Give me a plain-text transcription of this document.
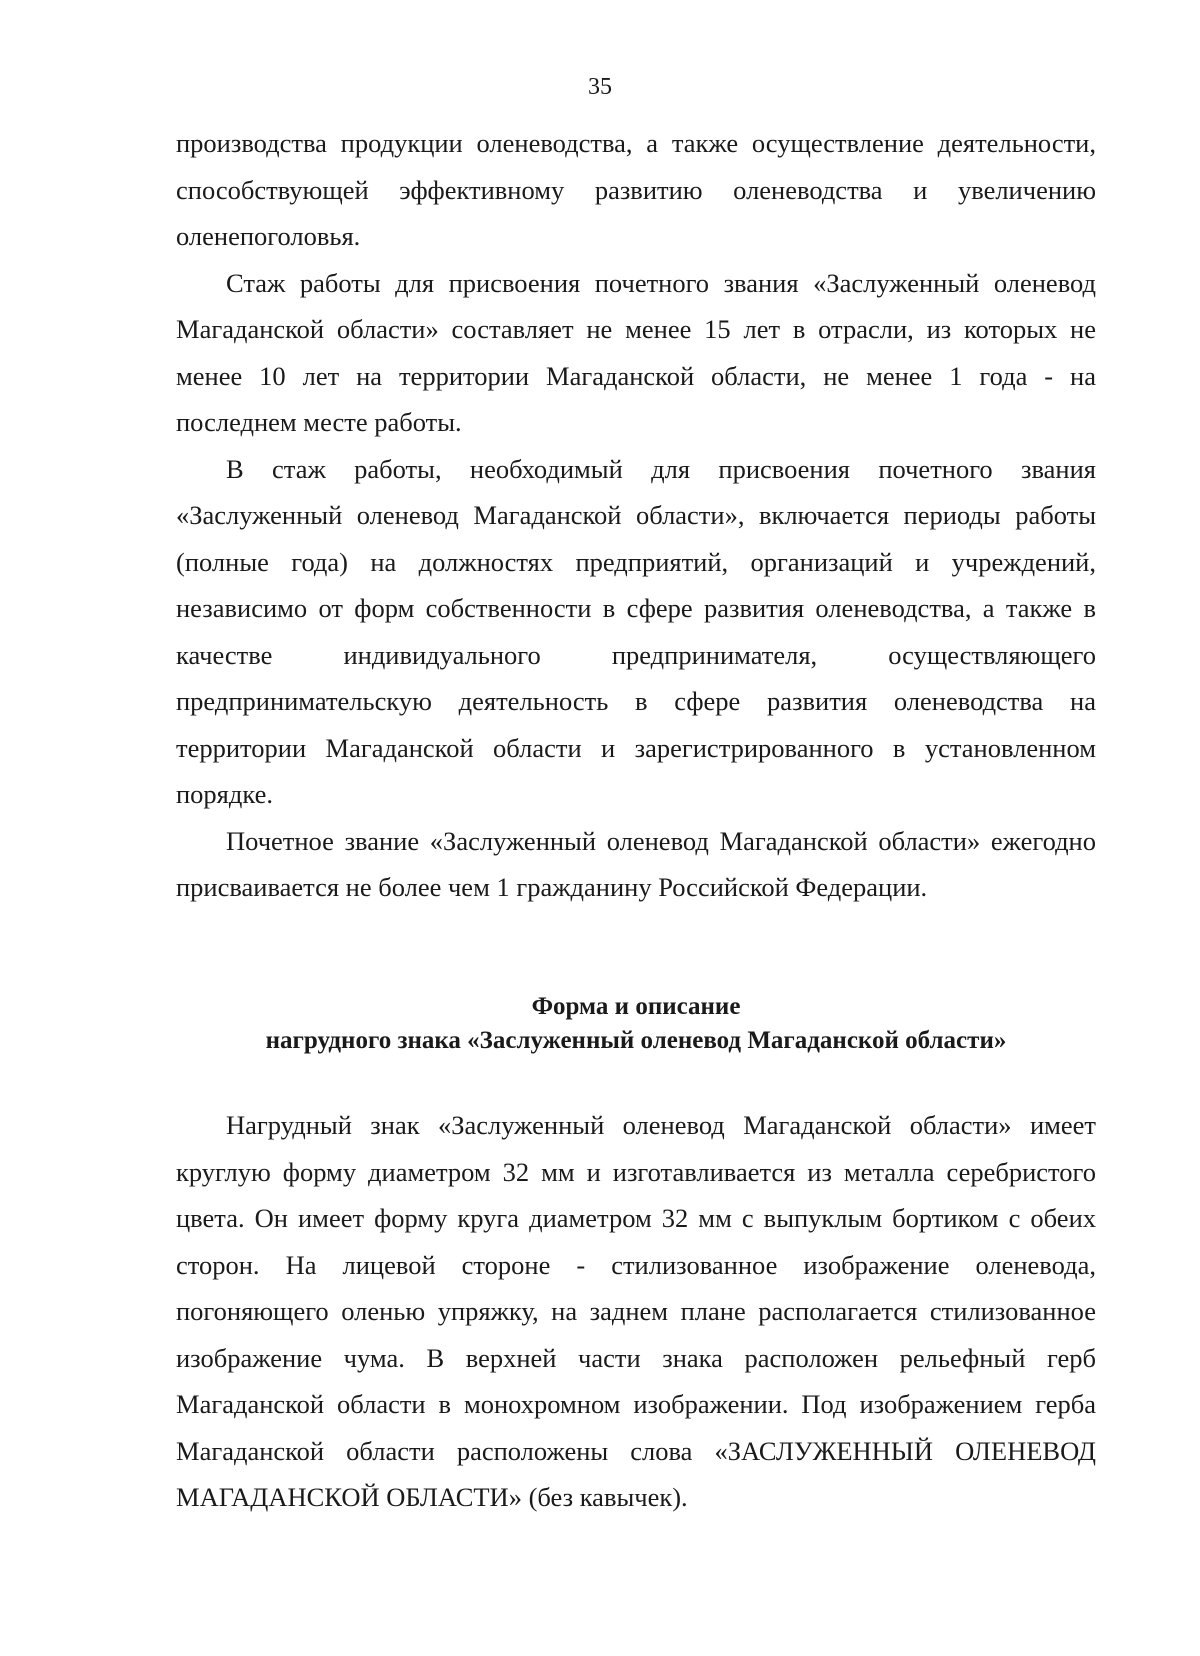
35

производства продукции оленеводства, а также осуществление деятельности, способствующей эффективному развитию оленеводства и увеличению оленепоголовья.

Стаж работы для присвоения почетного звания «Заслуженный оленевод Магаданской области» составляет не менее 15 лет в отрасли, из которых не менее 10 лет на территории Магаданской области, не менее 1 года - на последнем месте работы.

В стаж работы, необходимый для присвоения почетного звания «Заслуженный оленевод Магаданской области», включается периоды работы (полные года) на должностях предприятий, организаций и учреждений, независимо от форм собственности в сфере развития оленеводства, а также в качестве индивидуального предпринимателя, осуществляющего предпринимательскую деятельность в сфере развития оленеводства на территории Магаданской области и зарегистрированного в установленном порядке.

Почетное звание «Заслуженный оленевод Магаданской области» ежегодно присваивается не более чем 1 гражданину Российской Федерации.

Форма и описание
нагрудного знака «Заслуженный оленевод Магаданской области»

Нагрудный знак «Заслуженный оленевод Магаданской области» имеет круглую форму диаметром 32 мм и изготавливается из металла серебристого цвета. Он имеет форму круга диаметром 32 мм с выпуклым бортиком с обеих сторон. На лицевой стороне - стилизованное изображение оленевода, погоняющего оленью упряжку, на заднем плане располагается стилизованное изображение чума. В верхней части знака расположен рельефный герб Магаданской области в монохромном изображении. Под изображением герба Магаданской области расположены слова «ЗАСЛУЖЕННЫЙ ОЛЕНЕВОД МАГАДАНСКОЙ ОБЛАСТИ» (без кавычек).
